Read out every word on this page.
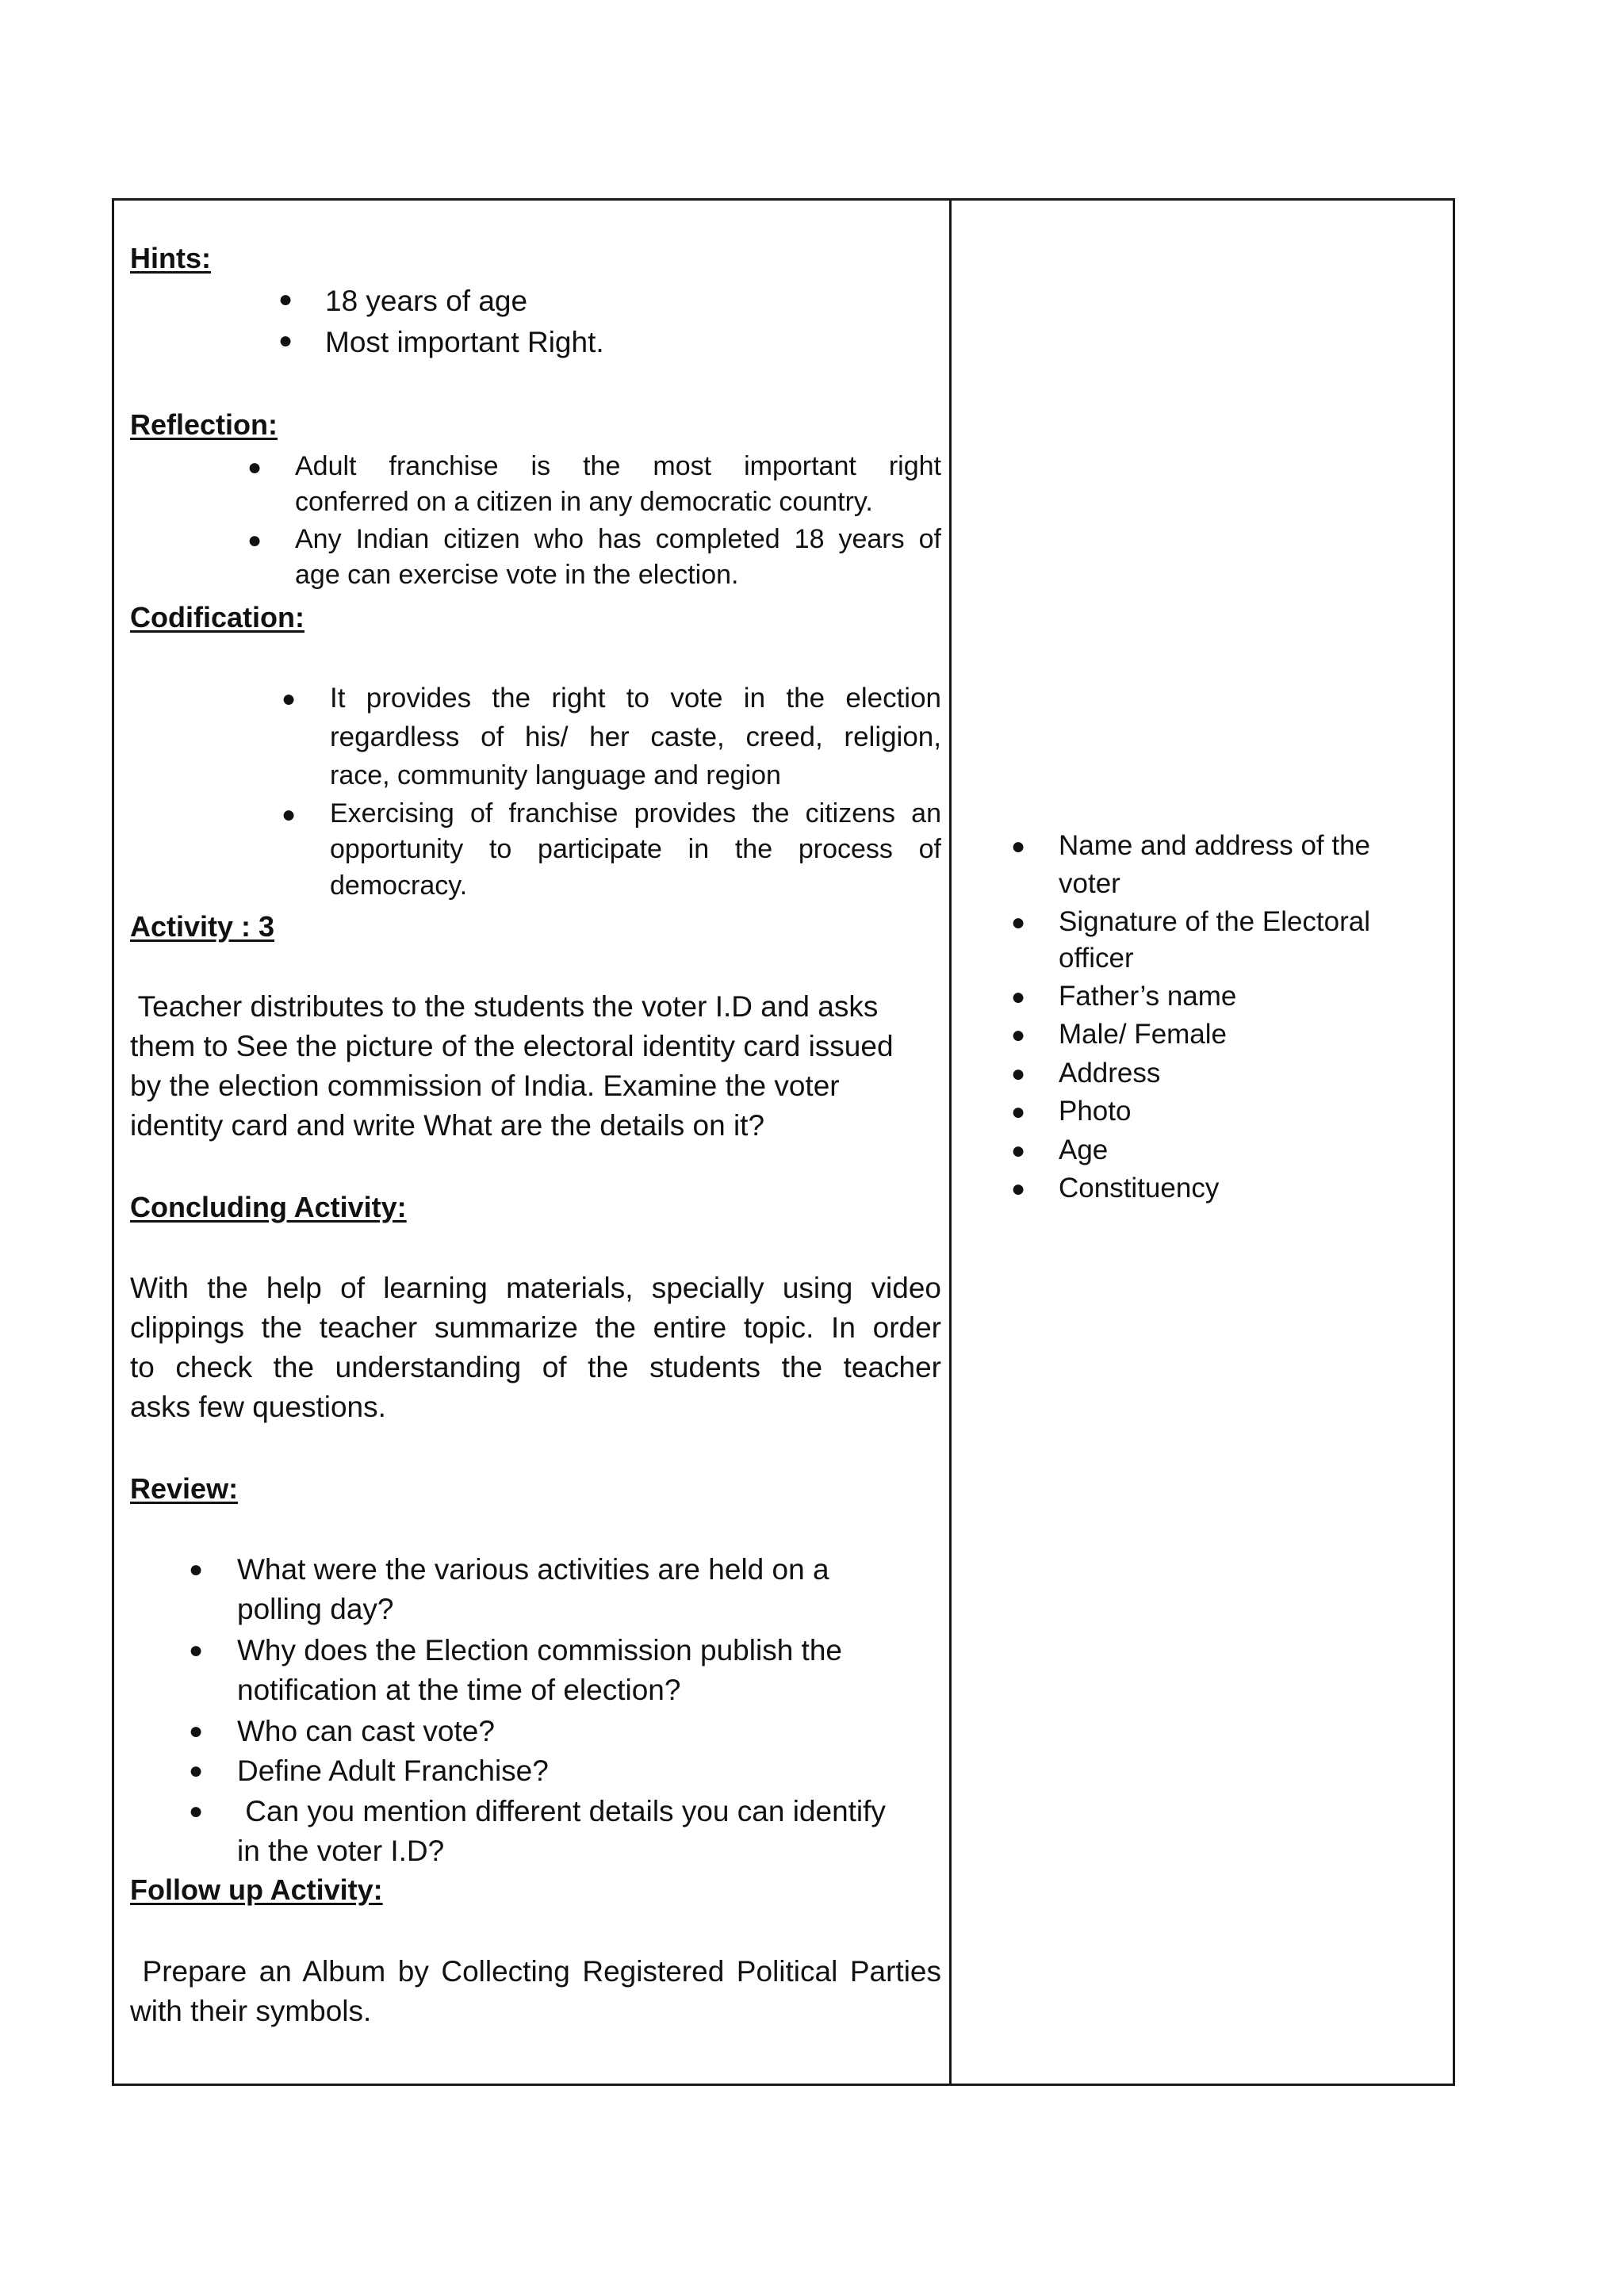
Hints:
● 18 years of age
● Most important Right.
Reflection:
● Adult franchise is the most important right
conferred on a citizen in any democratic country.
● Any Indian citizen who has completed 18 years of
age can exercise vote in the election.
Codification:
● It provides the right to vote in the election
regardless of his/ her caste, creed, religion,
race, community language and region
● Exercising of franchise provides the citizens an
opportunity to participate in the process of
democracy.
Activity : 3
Teacher distributes to the students the voter I.D and asks
them to See the picture of the electoral identity card issued
by the election commission of India. Examine the voter
identity card and write What are the details on it?
Concluding Activity:
With the help of learning materials, specially using video
clippings the teacher summarize the entire topic. In order
to check the understanding of the students the teacher
asks few questions.
Review:
● What were the various activities are held on a
polling day?
● Why does the Election commission publish the
notification at the time of election?
● Who can cast vote?
● Define Adult Franchise?
● Can you mention different details you can identify
in the voter I.D?
Follow up Activity:
Prepare an Album by Collecting Registered Political Parties
with their symbols.
● Name and address of the
voter
● Signature of the Electoral
officer
● Father’s name
● Male/ Female
● Address
● Photo
● Age
● Constituency
